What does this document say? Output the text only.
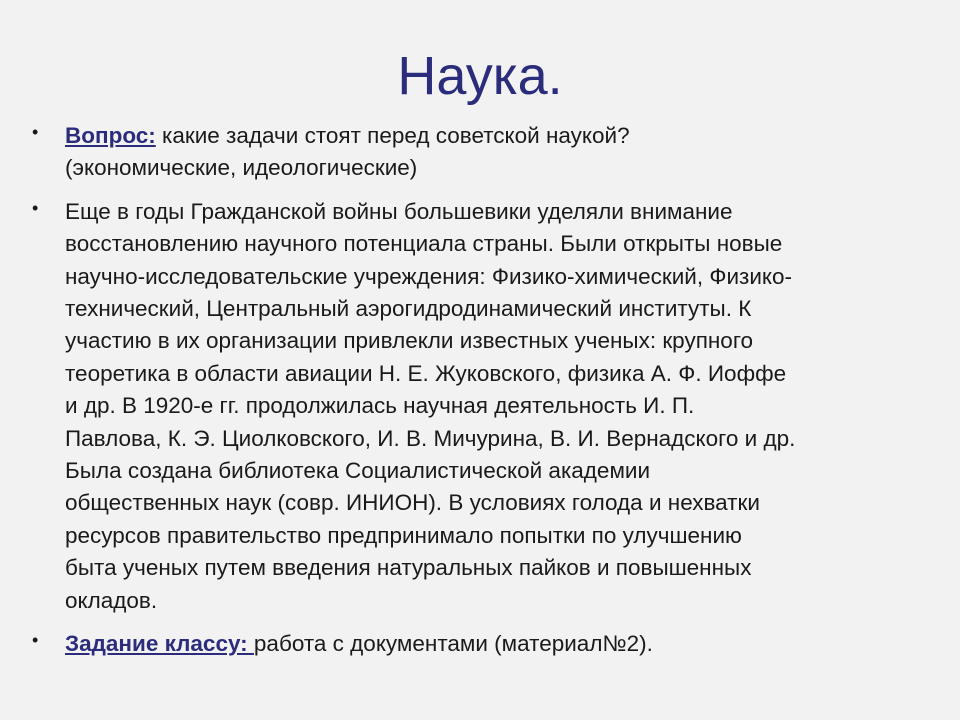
Наука.
• Вопрос: какие задачи стоят перед советской наукой?
(экономические, идеологические)
• Еще в годы Гражданской войны большевики уделяли внимание
восстановлению научного потенциала страны. Были открыты новые
научно-исследовательские учреждения: Физико-химический, Физико-
технический, Центральный аэрогидродинамический институты. К
участию в их организации привлекли известных ученых: крупного
теоретика в области авиации Н. Е. Жуковского, физика А. Ф. Иоффе
и др. В 1920-е гг. продолжилась научная деятельность И. П.
Павлова, К. Э. Циолковского, И. В. Мичурина, В. И. Вернадского и др.
Была создана библиотека Социалистической академии
общественных наук (совр. ИНИОН). В условиях голода и нехватки
ресурсов правительство предпринимало попытки по улучшению
быта ученых путем введения натуральных пайков и повышенных
окладов.
• Задание классу: работа с документами (материал№2).
